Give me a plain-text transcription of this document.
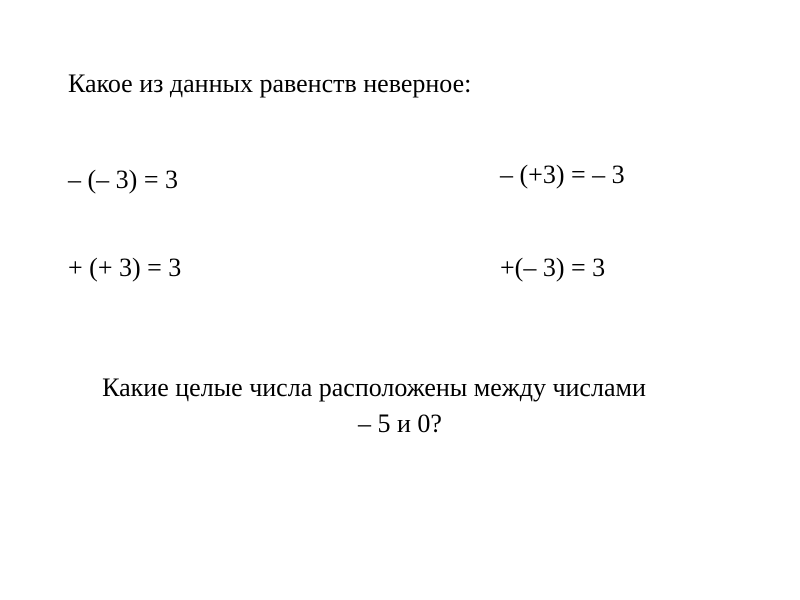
Какое из данных равенств неверное:
– (– 3) = 3	– (+3) = – 3
+ (+ 3) = 3	+(– 3) = 3
Какие целые числа расположены между числами
– 5 и 0?
